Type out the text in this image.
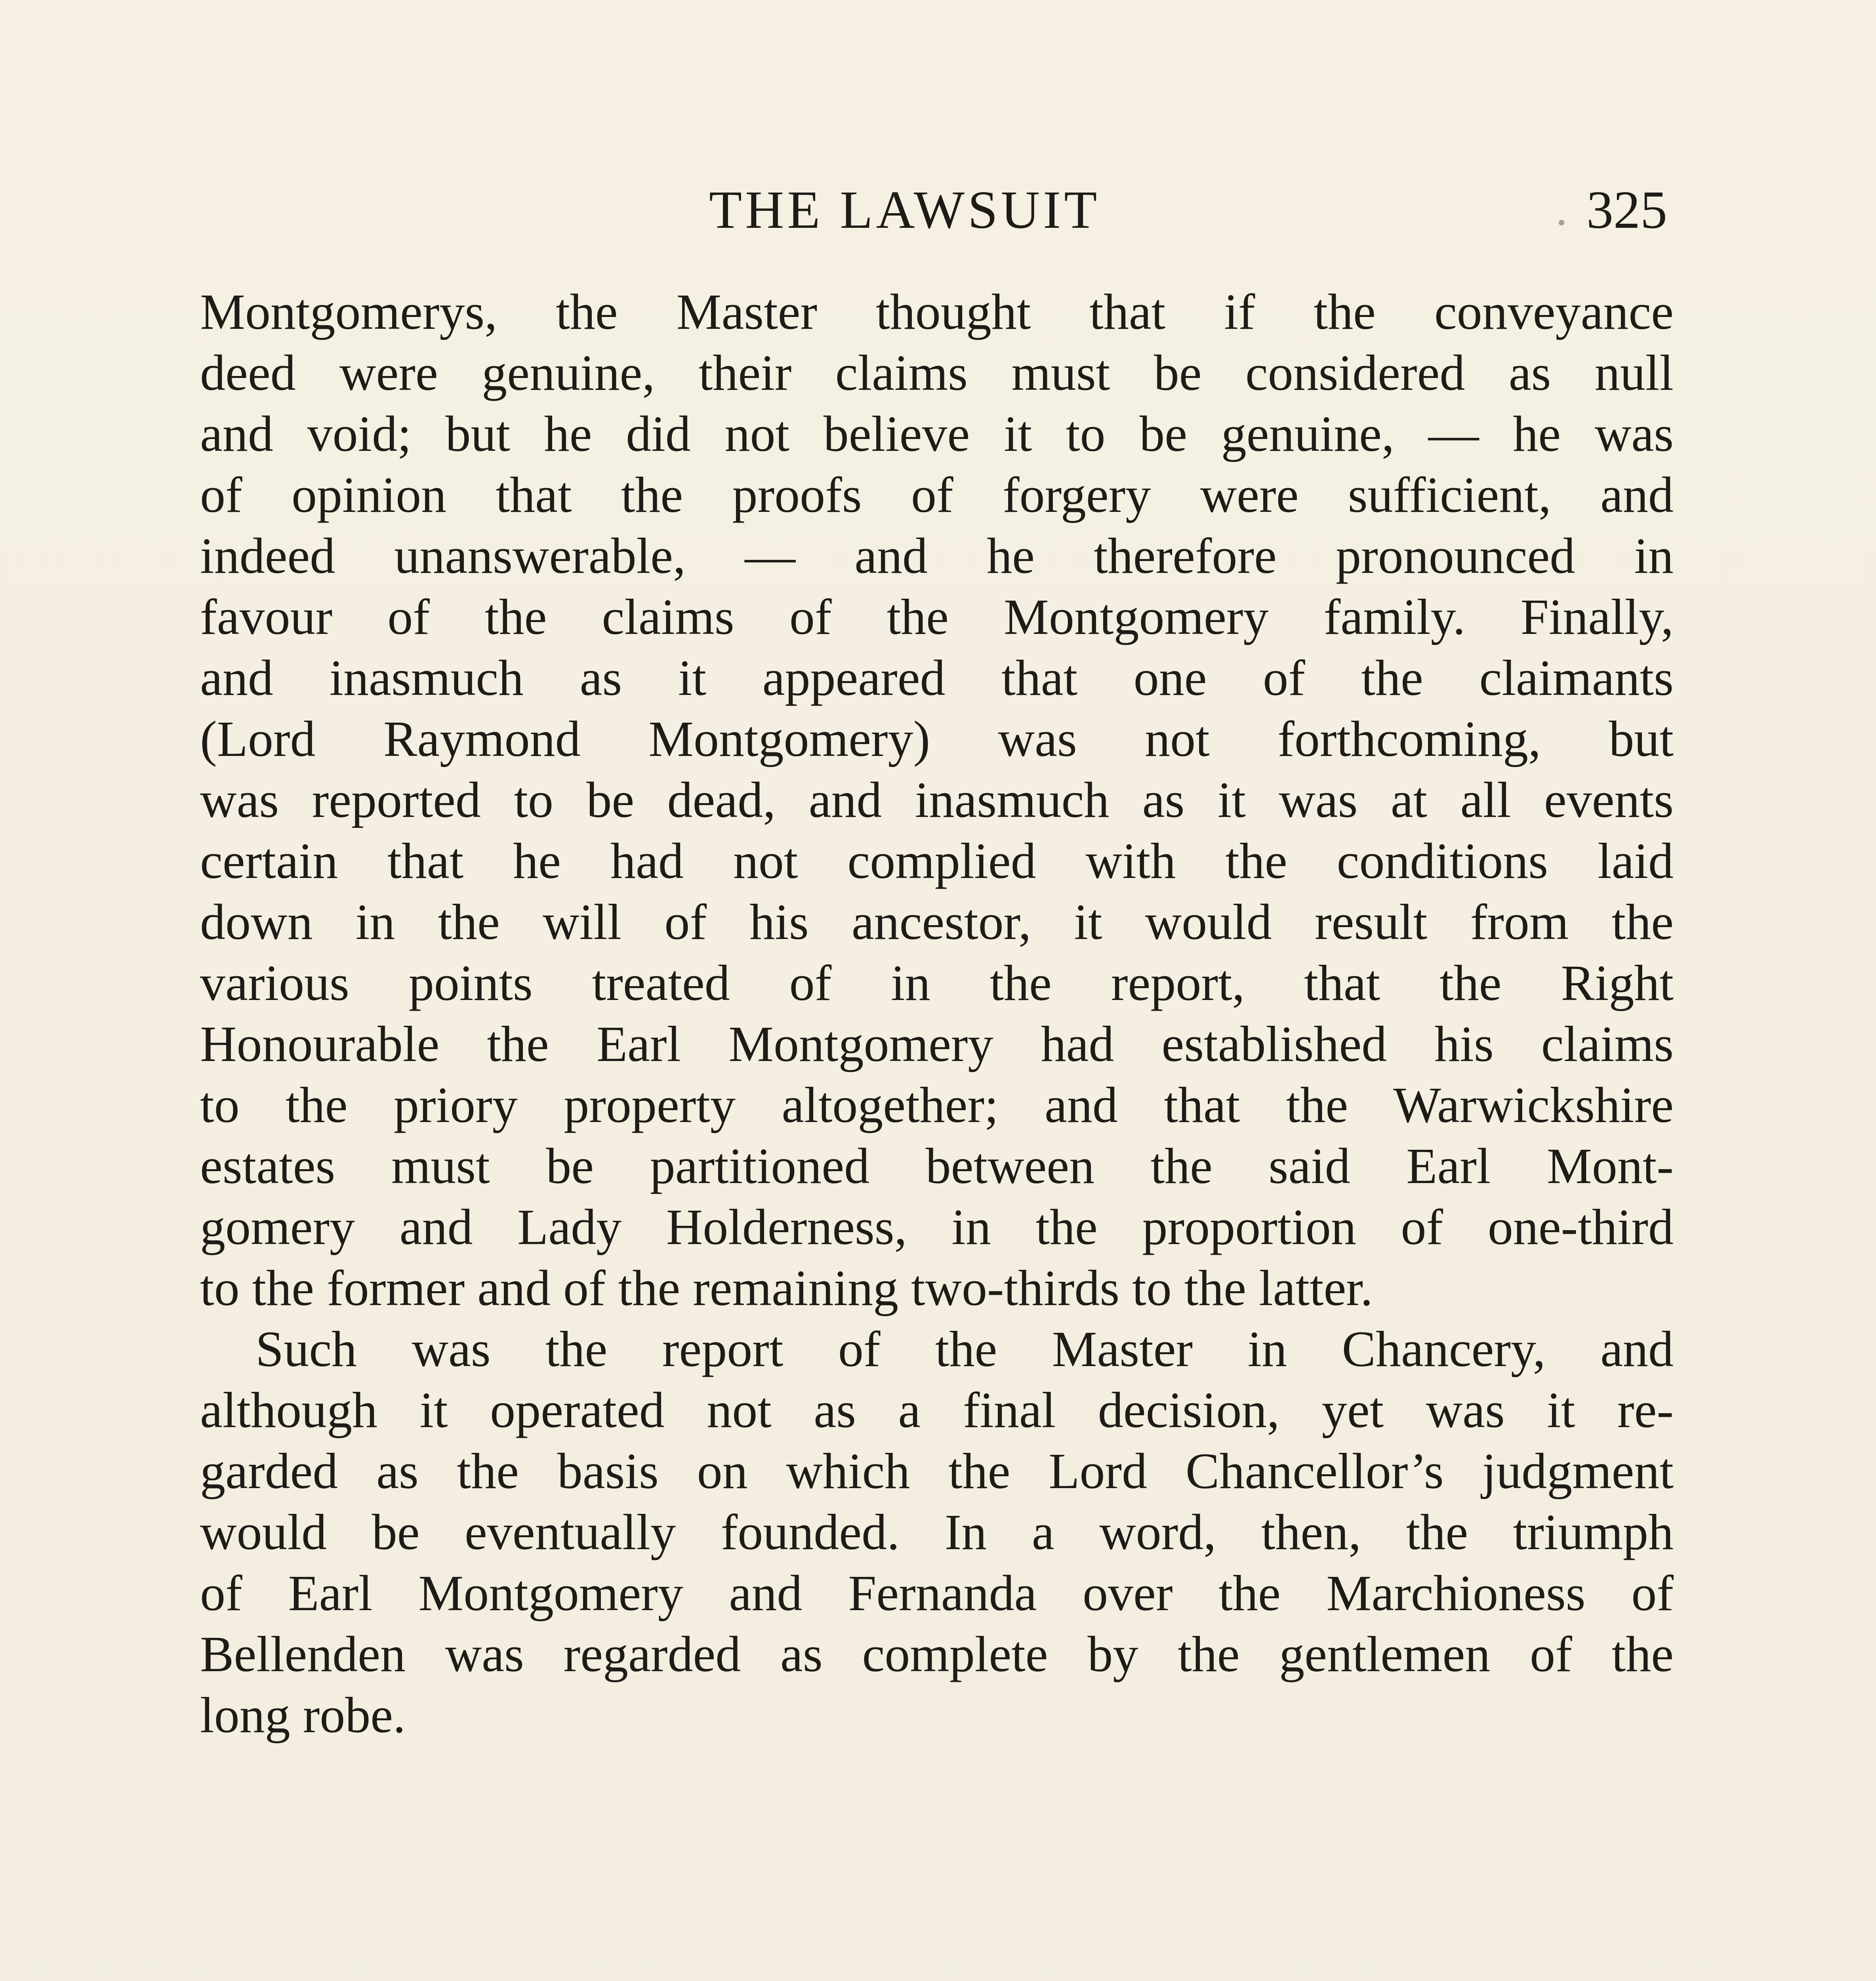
THE LAWSUIT	325
Montgomerys, the Master thought that if the conveyance
deed were genuine, their claims must be considered as null
and void; but he did not believe it to be genuine, — he was
of opinion that the proofs of forgery were sufficient, and
indeed unanswerable, — and he therefore pronounced in
favour of the claims of the Montgomery family. Finally,
and inasmuch as it appeared that one of the claimants
(Lord Raymond Montgomery) was not forthcoming, but
was reported to be dead, and inasmuch as it was at all events
certain that he had not complied with the conditions laid
down in the will of his ancestor, it would result from the
various points treated of in the report, that the Right
Honourable the Earl Montgomery had established his claims
to the priory property altogether; and that the Warwickshire
estates must be partitioned between the said Earl Mont-
gomery and Lady Holderness, in the proportion of one-third
to the former and of the remaining two-thirds to the latter.
Such was the report of the Master in Chancery, and
although it operated not as a final decision, yet was it re-
garded as the basis on which the Lord Chancellor’s judgment
would be eventually founded. In a word, then, the triumph
of Earl Montgomery and Fernanda over the Marchioness of
Bellenden was regarded as complete by the gentlemen of the
long robe.
